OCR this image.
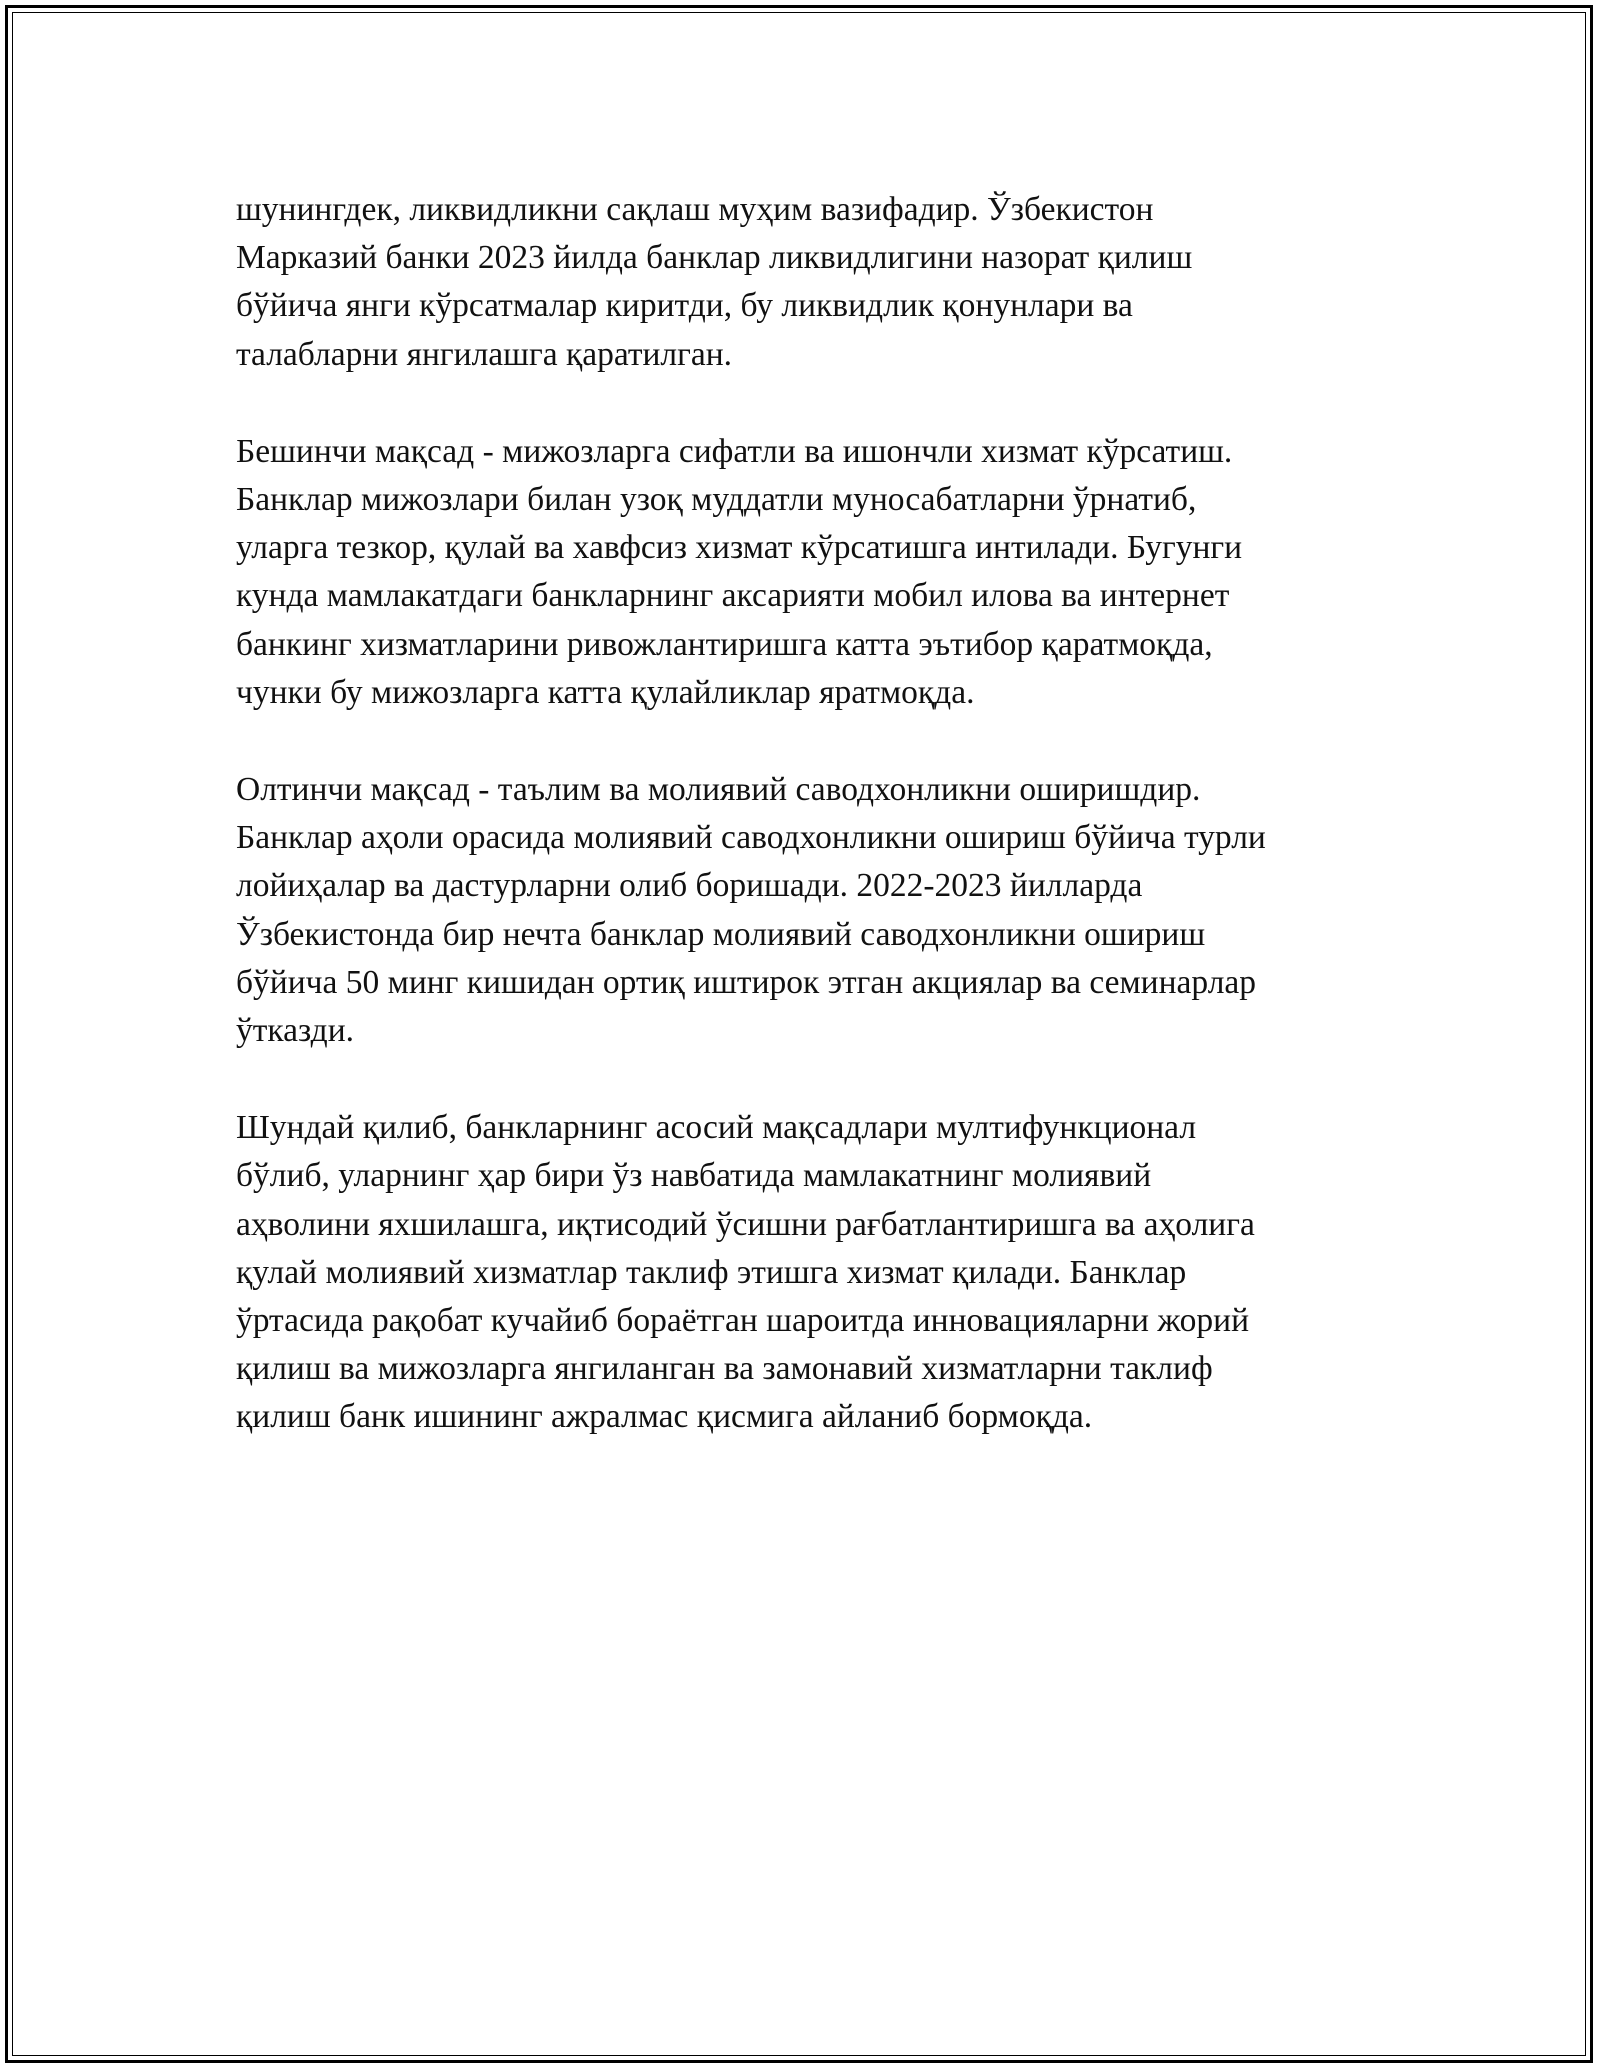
шунингдек, ликвидликни сақлаш муҳим вазифадир. Ўзбекистон
Марказий банки 2023 йилда банклар ликвидлигини назорат қилиш
бўйича янги кўрсатмалар киритди, бу ликвидлик қонунлари ва
талабларни янгилашга қаратилган.

Бешинчи мақсад - мижозларга сифатли ва ишончли хизмат кўрсатиш.
Банклар мижозлари билан узоқ муддатли муносабатларни ўрнатиб,
уларга тезкор, қулай ва хавфсиз хизмат кўрсатишга интилади. Бугунги
кунда мамлакатдаги банкларнинг аксарияти мобил илова ва интернет
банкинг хизматларини ривожлантиришга катта эътибор қаратмоқда,
чунки бу мижозларга катта қулайликлар яратмоқда.

Олтинчи мақсад - таълим ва молиявий саводхонликни оширишдир.
Банклар аҳоли орасида молиявий саводхонликни ошириш бўйича турли
лойиҳалар ва дастурларни олиб боришади. 2022-2023 йилларда
Ўзбекистонда бир нечта банклар молиявий саводхонликни ошириш
бўйича 50 минг кишидан ортиқ иштирок этган акциялар ва семинарлар
ўтказди.

Шундай қилиб, банкларнинг асосий мақсадлари мултифункционал
бўлиб, уларнинг ҳар бири ўз навбатида мамлакатнинг молиявий
аҳволини яхшилашга, иқтисодий ўсишни рағбатлантиришга ва аҳолига
қулай молиявий хизматлар таклиф этишга хизмат қилади. Банклар
ўртасида рақобат кучайиб бораётган шароитда инновацияларни жорий
қилиш ва мижозларга янгиланган ва замонавий хизматларни таклиф
қилиш банк ишининг ажралмас қисмига айланиб бормоқда.
